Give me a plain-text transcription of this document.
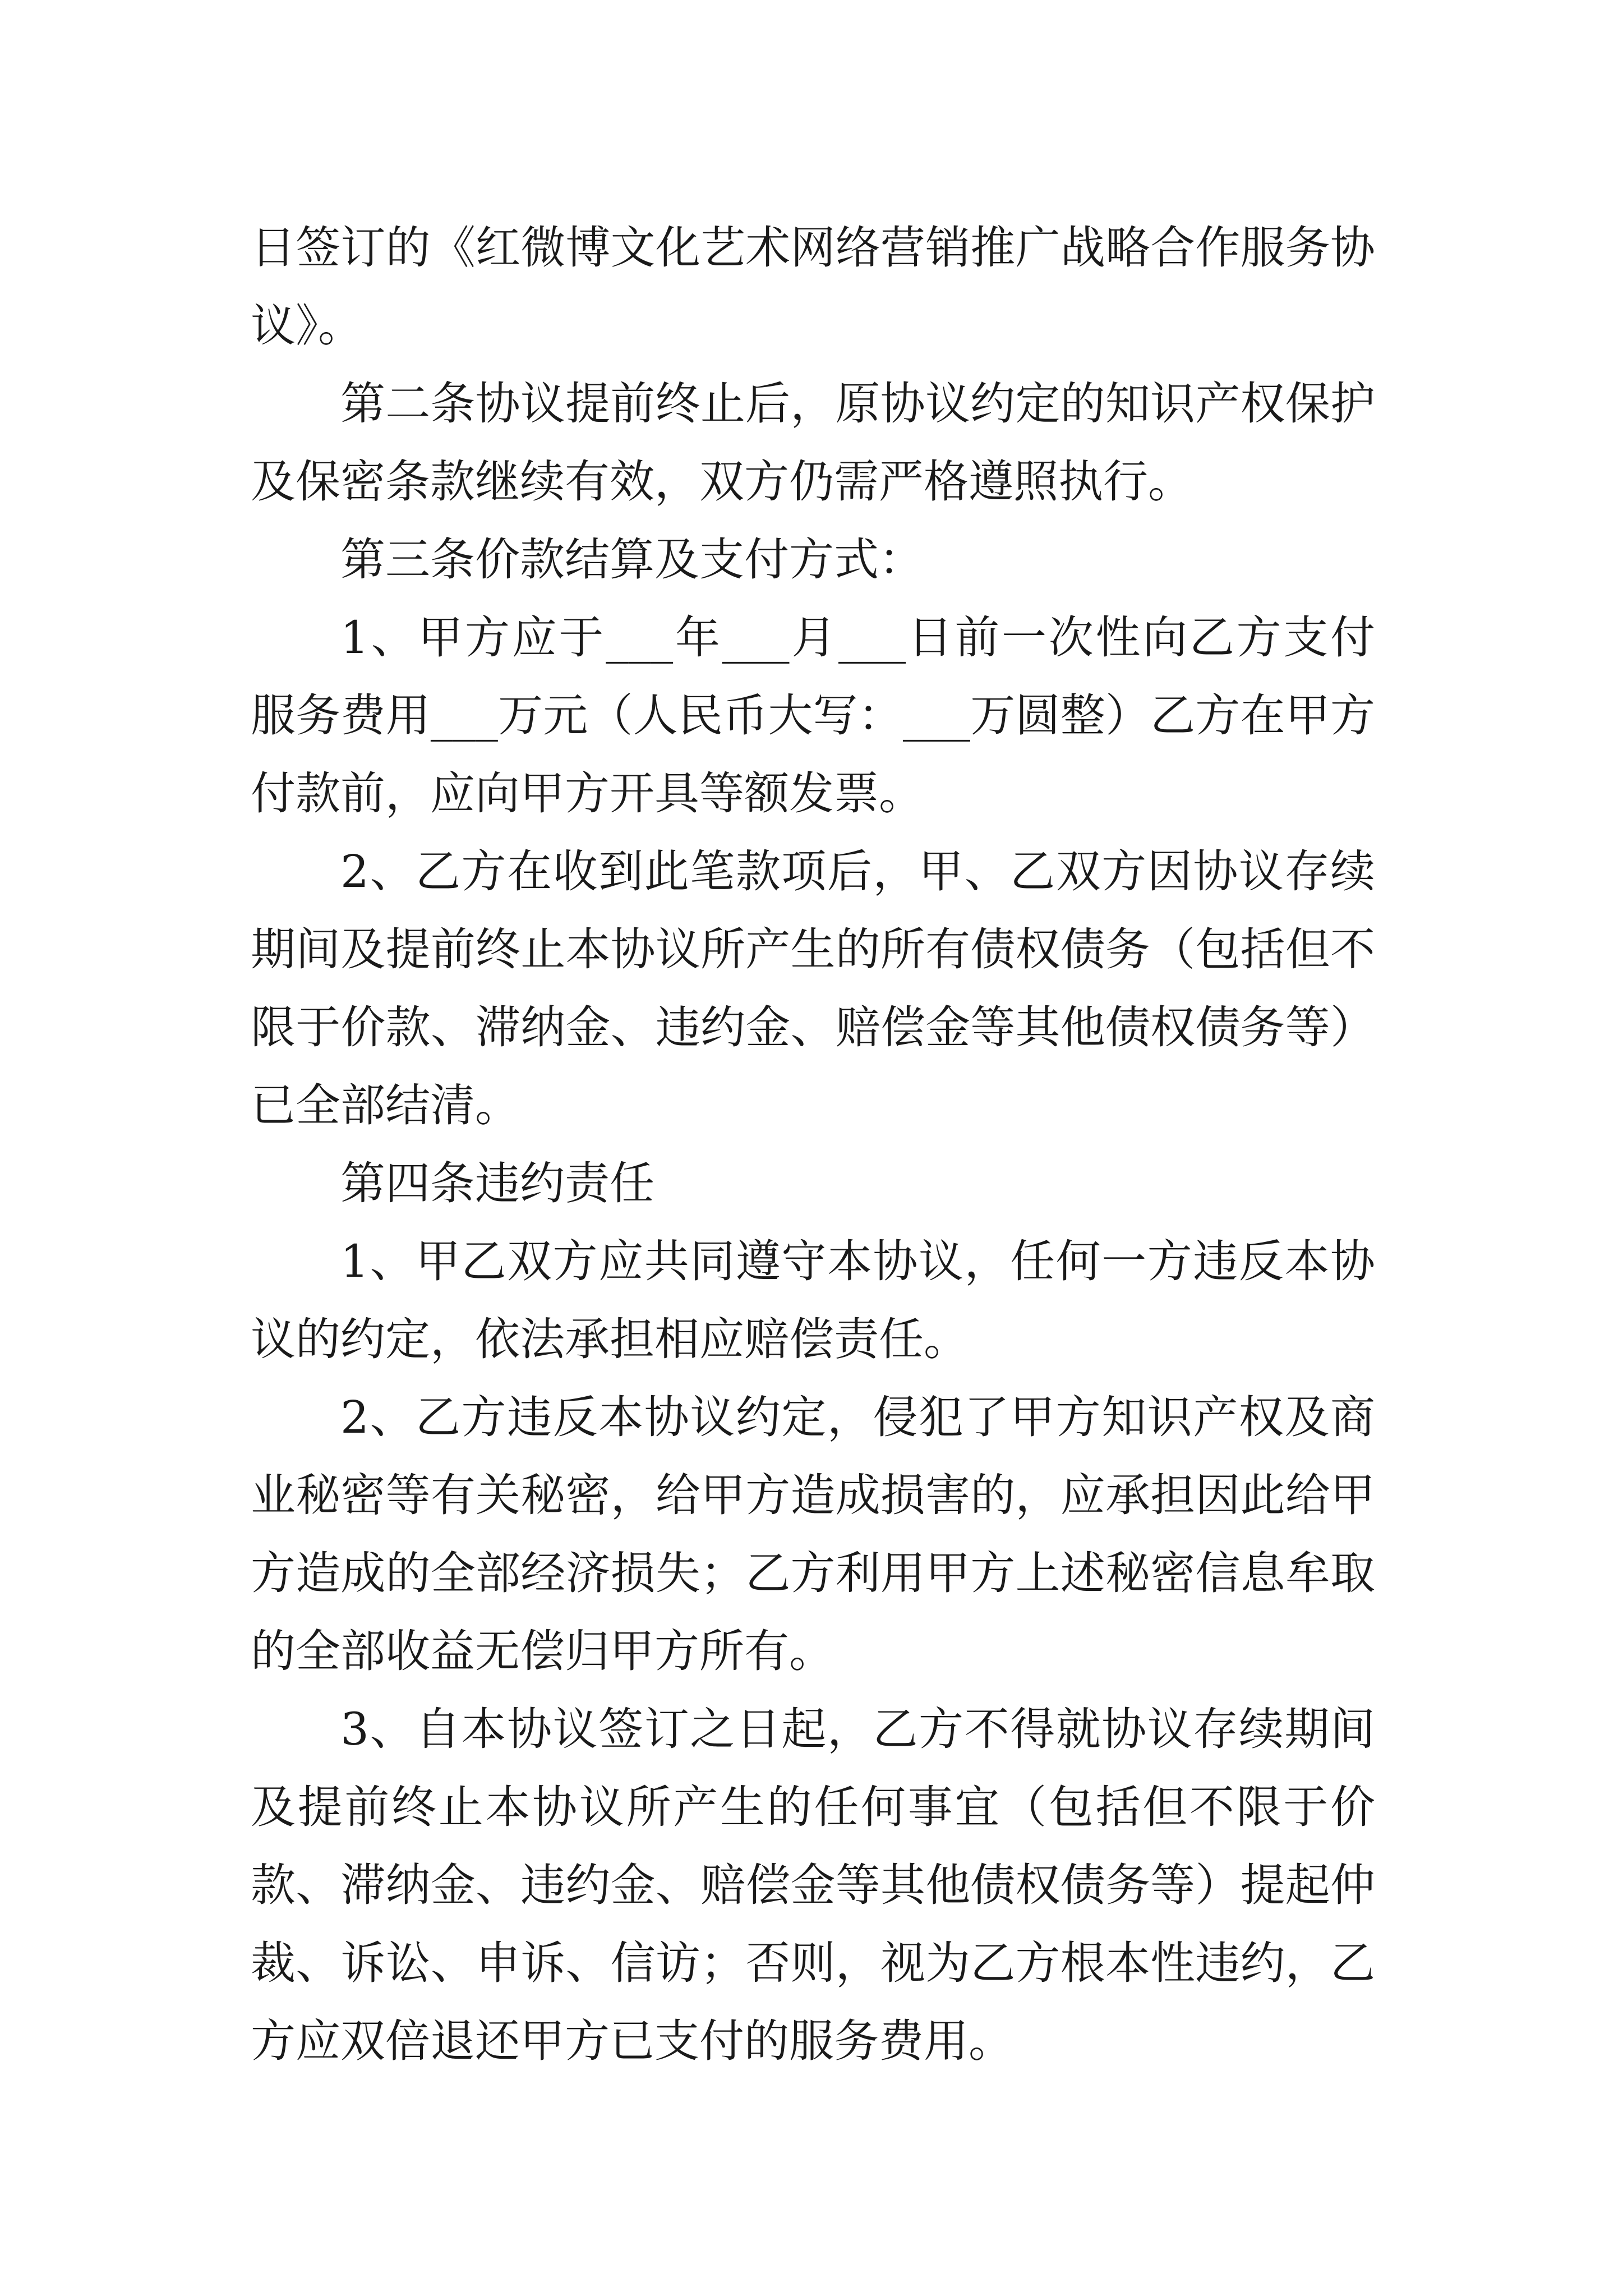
日签订的《红微博文化艺术网络营销推广战略合作服务协议》。

第二条协议提前终止后，原协议约定的知识产权保护及保密条款继续有效，双方仍需严格遵照执行。

第三条价款结算及支付方式：

1、甲方应于___年___月___日前一次性向乙方支付服务费用___万元（人民币大写：___万圆整）乙方在甲方付款前，应向甲方开具等额发票。

2、乙方在收到此笔款项后，甲、乙双方因协议存续期间及提前终止本协议所产生的所有债权债务（包括但不限于价款、滞纳金、违约金、赔偿金等其他债权债务等）已全部结清。

第四条违约责任

1、甲乙双方应共同遵守本协议，任何一方违反本协议的约定，依法承担相应赔偿责任。

2、乙方违反本协议约定，侵犯了甲方知识产权及商业秘密等有关秘密，给甲方造成损害的，应承担因此给甲方造成的全部经济损失；乙方利用甲方上述秘密信息牟取的全部收益无偿归甲方所有。

3、自本协议签订之日起，乙方不得就协议存续期间及提前终止本协议所产生的任何事宜（包括但不限于价款、滞纳金、违约金、赔偿金等其他债权债务等）提起仲裁、诉讼、申诉、信访；否则，视为乙方根本性违约，乙方应双倍退还甲方已支付的服务费用。
